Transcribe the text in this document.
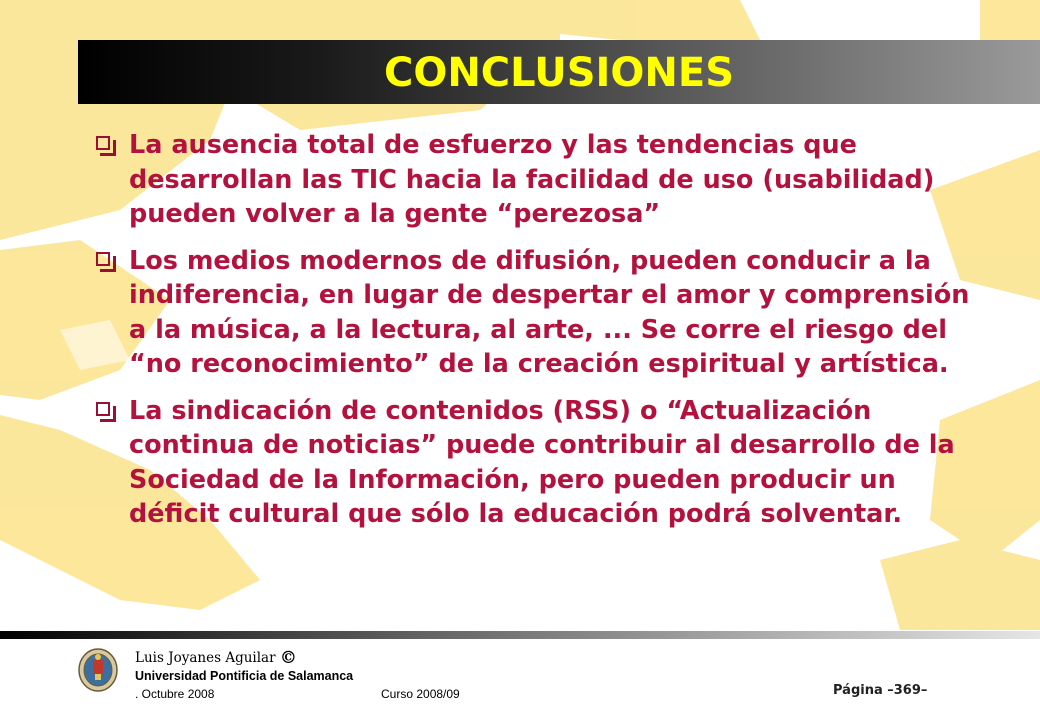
CONCLUSIONES
La ausencia total de esfuerzo y las tendencias que desarrollan las TIC hacia la facilidad de uso (usabilidad) pueden volver a la gente “perezosa”
Los medios modernos de difusión, pueden conducir a la indiferencia, en lugar de despertar el amor y comprensión a la música, a la lectura, al arte, ... Se corre el riesgo del “no reconocimiento” de la creación espiritual y artística.
La sindicación de contenidos (RSS) o “Actualización continua de noticias” puede contribuir al desarrollo de la Sociedad de la Información, pero pueden producir un déficit cultural que sólo la educación podrá solventar.
Luis Joyanes Aguilar ©
Universidad Pontificia de Salamanca
. Octubre 2008	Curso 2008/09	Página –369–
